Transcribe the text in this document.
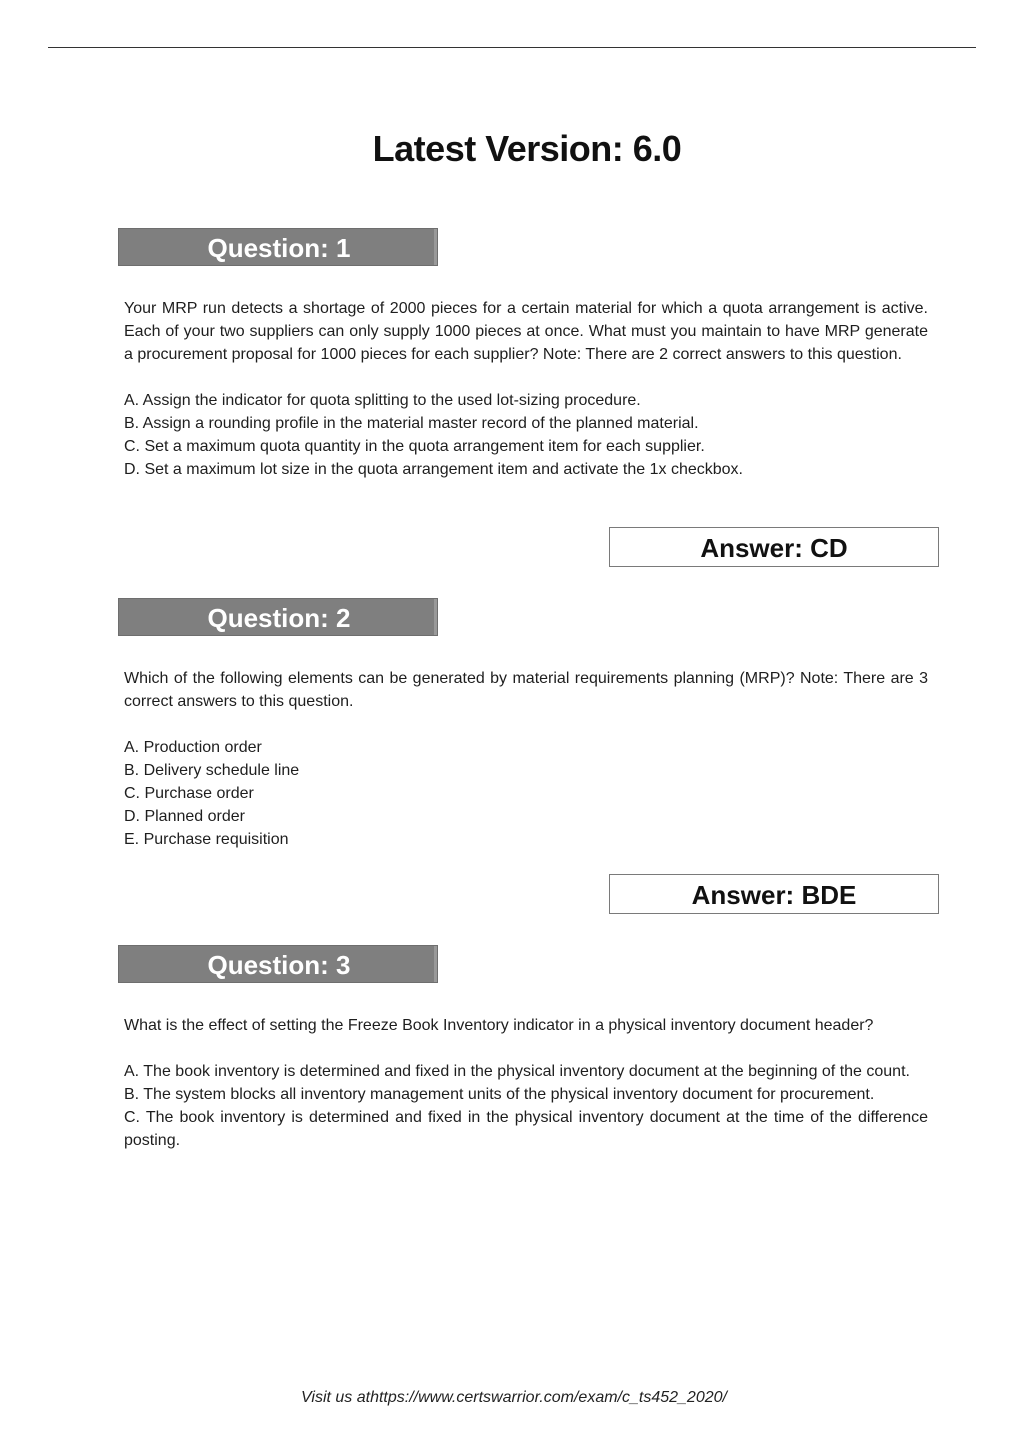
Latest Version: 6.0
Question: 1

Your MRP run detects a shortage of 2000 pieces for a certain material for which a quota arrangement is active. Each of your two suppliers can only supply 1000 pieces at once. What must you maintain to have MRP generate a procurement proposal for 1000 pieces for each supplier? Note: There are 2 correct answers to this question.

A. Assign the indicator for quota splitting to the used lot-sizing procedure.
B. Assign a rounding profile in the material master record of the planned material.
C. Set a maximum quota quantity in the quota arrangement item for each supplier.
D. Set a maximum lot size in the quota arrangement item and activate the 1x checkbox.
Answer: CD
Question: 2

Which of the following elements can be generated by material requirements planning (MRP)? Note: There are 3 correct answers to this question.

A. Production order
B. Delivery schedule line
C. Purchase order
D. Planned order
E. Purchase requisition
Answer: BDE
Question: 3

What is the effect of setting the Freeze Book Inventory indicator in a physical inventory document header?

A. The book inventory is determined and fixed in the physical inventory document at the beginning of the count.
B. The system blocks all inventory management units of the physical inventory document for procurement.
C. The book inventory is determined and fixed in the physical inventory document at the time of the difference posting.
Visit us athttps://www.certswarrior.com/exam/c_ts452_2020/
